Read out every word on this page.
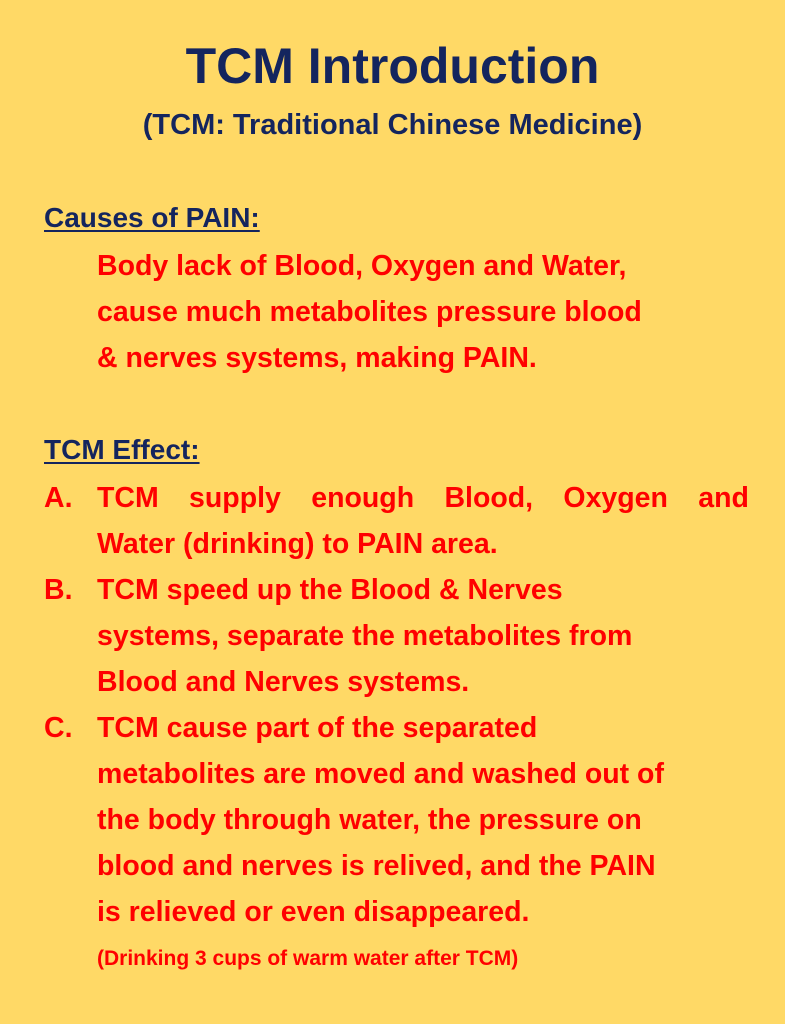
TCM Introduction
(TCM: Traditional Chinese Medicine)
Causes of PAIN:
Body lack of Blood, Oxygen and Water,
cause much metabolites pressure blood
& nerves systems, making PAIN.
TCM Effect:
A. TCM supply enough Blood, Oxygen and
Water (drinking) to PAIN area.
B. TCM speed up the Blood & Nerves
systems, separate the metabolites from
Blood and Nerves systems.
C. TCM cause part of the separated
metabolites are moved and washed out of
the body through water, the pressure on
blood and nerves is relived, and the PAIN
is relieved or even disappeared.
(Drinking 3 cups of warm water after TCM)
